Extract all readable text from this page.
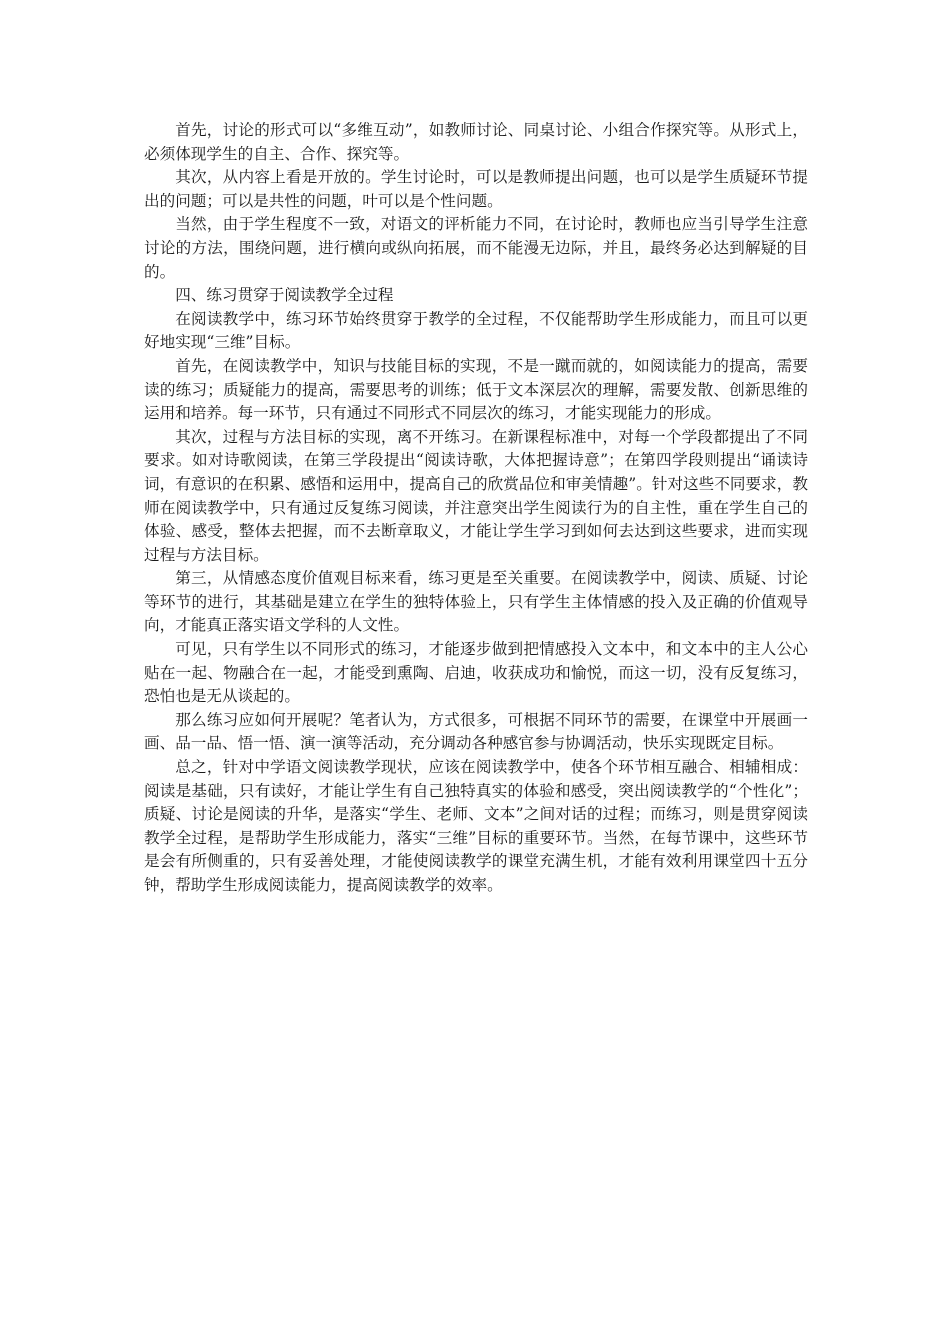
首先，讨论的形式可以“多维互动”，如教师讨论、同桌讨论、小组合作探究等。从形式上，必须体现学生的自主、合作、探究等。

其次，从内容上看是开放的。学生讨论时，可以是教师提出问题，也可以是学生质疑环节提出的问题；可以是共性的问题，叶可以是个性问题。

当然，由于学生程度不一致，对语文的评析能力不同，在讨论时，教师也应当引导学生注意讨论的方法，围绕问题，进行横向或纵向拓展，而不能漫无边际，并且，最终务必达到解疑的目的。

四、练习贯穿于阅读教学全过程

在阅读教学中，练习环节始终贯穿于教学的全过程，不仅能帮助学生形成能力，而且可以更好地实现“三维”目标。

首先，在阅读教学中，知识与技能目标的实现，不是一蹴而就的，如阅读能力的提高，需要读的练习；质疑能力的提高，需要思考的训练；低于文本深层次的理解，需要发散、创新思维的运用和培养。每一环节，只有通过不同形式不同层次的练习，才能实现能力的形成。

其次，过程与方法目标的实现，离不开练习。在新课程标准中，对每一个学段都提出了不同要求。如对诗歌阅读，在第三学段提出“阅读诗歌，大体把握诗意”；在第四学段则提出“诵读诗词，有意识的在积累、感悟和运用中，提高自己的欣赏品位和审美情趣”。针对这些不同要求，教师在阅读教学中，只有通过反复练习阅读，并注意突出学生阅读行为的自主性，重在学生自己的体验、感受，整体去把握，而不去断章取义，才能让学生学习到如何去达到这些要求，进而实现过程与方法目标。

第三，从情感态度价值观目标来看，练习更是至关重要。在阅读教学中，阅读、质疑、讨论等环节的进行，其基础是建立在学生的独特体验上，只有学生主体情感的投入及正确的价值观导向，才能真正落实语文学科的人文性。

可见，只有学生以不同形式的练习，才能逐步做到把情感投入文本中，和文本中的主人公心贴在一起、物融合在一起，才能受到熏陶、启迪，收获成功和愉悦，而这一切，没有反复练习，恐怕也是无从谈起的。

那么练习应如何开展呢？笔者认为，方式很多，可根据不同环节的需要，在课堂中开展画一画、品一品、悟一悟、演一演等活动，充分调动各种感官参与协调活动，快乐实现既定目标。

总之，针对中学语文阅读教学现状，应该在阅读教学中，使各个环节相互融合、相辅相成：阅读是基础，只有读好，才能让学生有自己独特真实的体验和感受，突出阅读教学的“个性化”；质疑、讨论是阅读的升华，是落实“学生、老师、文本”之间对话的过程；而练习，则是贯穿阅读教学全过程，是帮助学生形成能力，落实“三维”目标的重要环节。当然，在每节课中，这些环节是会有所侧重的，只有妥善处理，才能使阅读教学的课堂充满生机，才能有效利用课堂四十五分钟，帮助学生形成阅读能力，提高阅读教学的效率。
